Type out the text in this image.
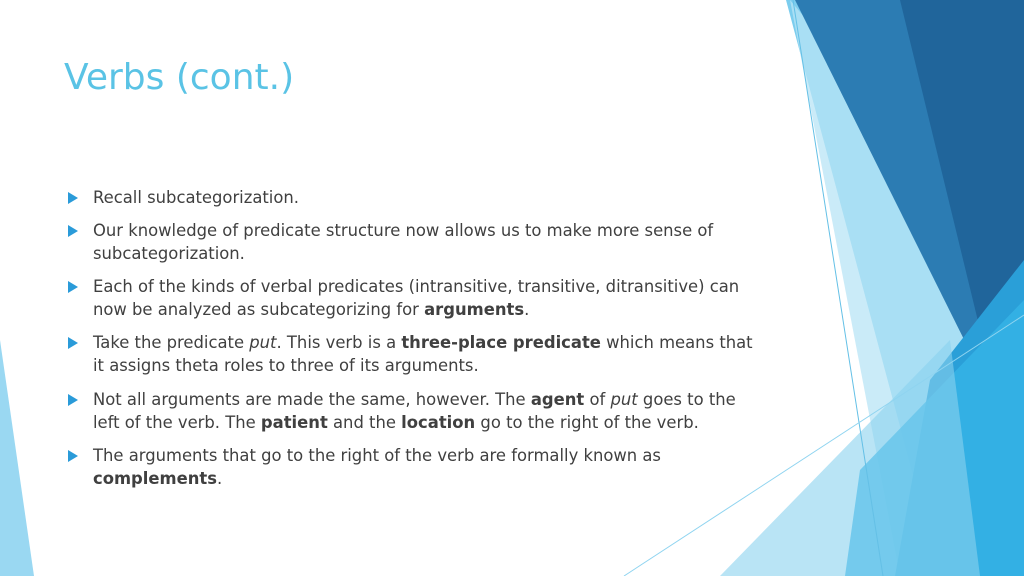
Verbs (cont.)
Recall subcategorization.
Our knowledge of predicate structure now allows us to make more sense of subcategorization.
Each of the kinds of verbal predicates (intransitive, transitive, ditransitive) can now be analyzed as subcategorizing for arguments.
Take the predicate put. This verb is a three-place predicate which means that it assigns theta roles to three of its arguments.
Not all arguments are made the same, however. The agent of put goes to the left of the verb. The patient and the location go to the right of the verb.
The arguments that go to the right of the verb are formally known as complements.
